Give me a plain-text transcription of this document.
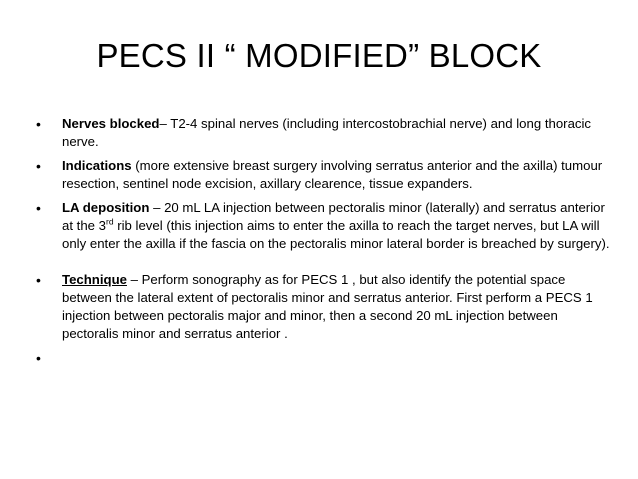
PECS II “ MODIFIED” BLOCK
•	Nerves blocked– T2-4 spinal nerves (including intercostobrachial nerve) and long thoracic nerve.
•	Indications (more extensive breast surgery involving serratus anterior and the axilla) tumour resection, sentinel node excision, axillary clearence, tissue expanders.
•	LA deposition – 20 mL LA injection between pectoralis minor (laterally) and serratus anterior at the 3rd rib level (this injection aims to enter the axilla to reach the target nerves, but LA will only enter the axilla if the fascia on the pectoralis minor lateral border is breached by surgery).
•	Technique – Perform sonography as for PECS 1 , but also identify the potential space between the lateral extent of pectoralis minor and serratus anterior. First perform a PECS 1 injection between pectoralis major and minor, then a second 20 mL injection between pectoralis minor and serratus anterior .
•
